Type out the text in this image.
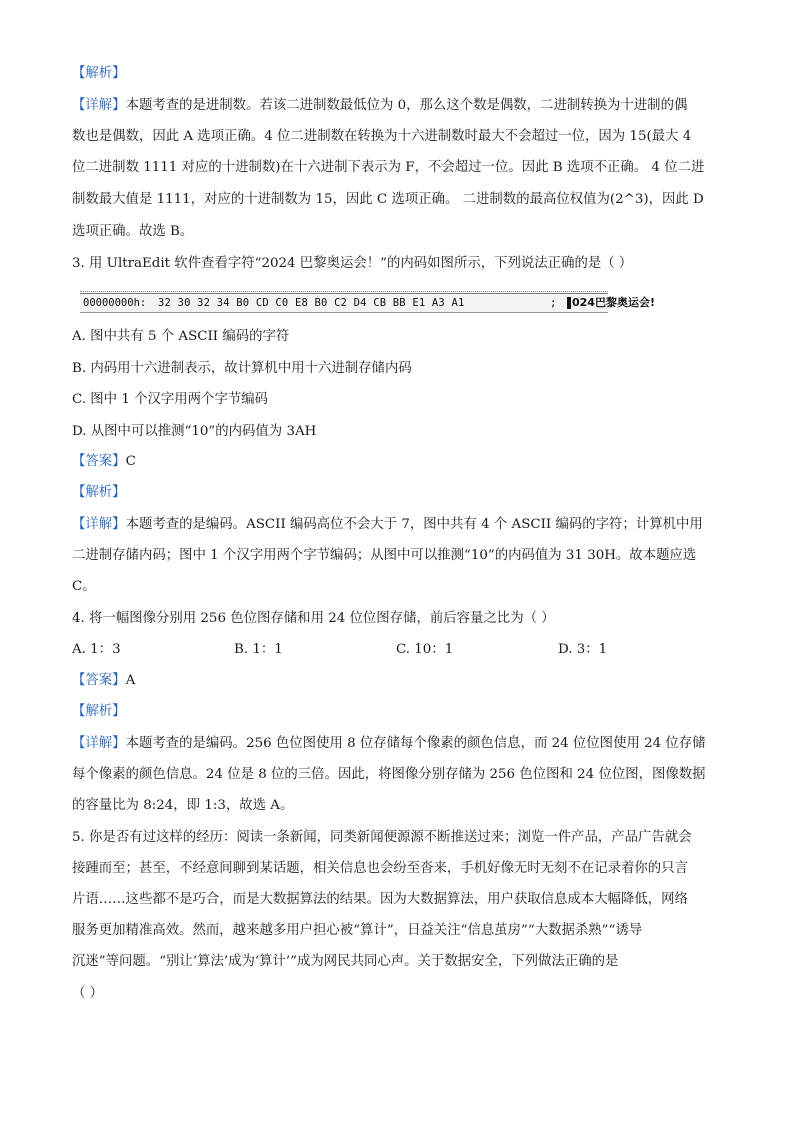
【解析】
【详解】本题考查的是进制数。若该二进制数最低位为 0，那么这个数是偶数，二进制转换为十进制的偶
数也是偶数，因此 A 选项正确。4 位二进制数在转换为十六进制数时最大不会超过一位，因为 15(最大 4
位二进制数 1111 对应的十进制数)在十六进制下表示为 F，不会超过一位。因此 B 选项不正确。 4 位二进
制数最大值是 1111，对应的十进制数为 15，因此 C 选项正确。 二进制数的最高位权值为(2^3)，因此 D
选项正确。故选 B。
3. 用 UltraEdit 软件查看字符“2024 巴黎奥运会！”的内码如图所示，下列说法正确的是（ ）
00000000h: 32 30 32 34 B0 CD C0 E8 B0 C2 D4 CB BB E1 A3 A1	; 024巴黎奥运会!
A. 图中共有 5 个 ASCII 编码的字符
B. 内码用十六进制表示，故计算机中用十六进制存储内码
C. 图中 1 个汉字用两个字节编码
D. 从图中可以推测“10”的内码值为 3AH
【答案】C
【解析】
【详解】本题考查的是编码。ASCII 编码高位不会大于 7，图中共有 4 个 ASCII 编码的字符；计算机中用
二进制存储内码；图中 1 个汉字用两个字节编码；从图中可以推测“10”的内码值为 31 30H。故本题应选
C。
4. 将一幅图像分别用 256 色位图存储和用 24 位位图存储，前后容量之比为（ ）
A. 1：3	B. 1：1	C. 10：1	D. 3：1
【答案】A
【解析】
【详解】本题考查的是编码。256 色位图使用 8 位存储每个像素的颜色信息，而 24 位位图使用 24 位存储
每个像素的颜色信息。24 位是 8 位的三倍。因此，将图像分别存储为 256 色位图和 24 位位图，图像数据
的容量比为 8:24，即 1:3，故选 A。
5. 你是否有过这样的经历：阅读一条新闻，同类新闻便源源不断推送过来；浏览一件产品，产品广告就会
接踵而至；甚至，不经意间聊到某话题，相关信息也会纷至沓来，手机好像无时无刻不在记录着你的只言
片语……这些都不是巧合，而是大数据算法的结果。因为大数据算法，用户获取信息成本大幅降低，网络
服务更加精准高效。然而，越来越多用户担心被“算计”，日益关注“信息茧房”“大数据杀熟”“诱导
沉迷”等问题。“别让‘算法’成为‘算计’”成为网民共同心声。关于数据安全，下列做法正确的是
（ ）
